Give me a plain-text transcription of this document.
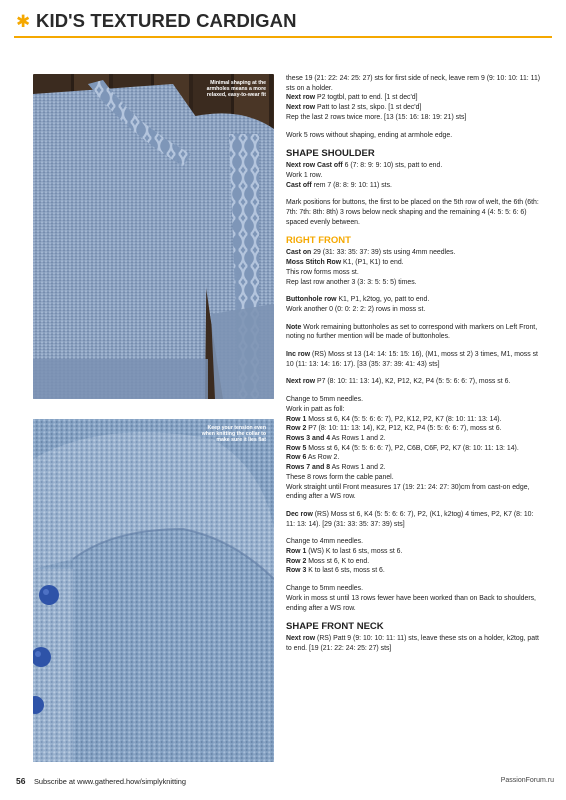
✱ KID'S TEXTURED CARDIGAN
Minimal shaping at the armholes means a more relaxed, easy-to-wear fit
Keep your tension even when knitting the collar to make sure it lies flat

these 19 (21: 22: 24: 25: 27) sts for first side of neck, leave rem 9 (9: 10: 10: 11: 11) sts on a holder.

Next row P2 togtbl, patt to end. [1 st dec'd]

Next row Patt to last 2 sts, skpo. [1 st dec'd]

Rep the last 2 rows twice more. [13 (15: 16: 18: 19: 21) sts]

Work 5 rows without shaping, ending at armhole edge.

SHAPE SHOULDER

Next row Cast off 6 (7: 8: 9: 9: 10) sts, patt to end.

Work 1 row.

Cast off rem 7 (8: 8: 9: 10: 11) sts.

Mark positions for buttons, the first to be placed on the 5th row of welt, the 6th (6th: 7th: 7th: 8th: 8th) 3 rows below neck shaping and the remaining 4 (4: 5: 5: 6: 6) spaced evenly between.

RIGHT FRONT

Cast on 29 (31: 33: 35: 37: 39) sts using 4mm needles.

Moss Stitch Row K1, (P1, K1) to end.

This row forms moss st.

Rep last row another 3 (3: 3: 5: 5: 5) times.

Buttonhole row K1, P1, k2tog, yo, patt to end.

Work another 0 (0: 0: 2: 2: 2) rows in moss st.

Note Work remaining buttonholes as set to correspond with markers on Left Front, noting no further mention will be made of buttonholes.

Inc row (RS) Moss st 13 (14: 14: 15: 15: 16), (M1, moss st 2) 3 times, M1, moss st 10 (11: 13: 14: 16: 17). [33 (35: 37: 39: 41: 43) sts]

Next row P7 (8: 10: 11: 13: 14), K2, P12, K2, P4 (5: 5: 6: 6: 7), moss st 6.

Change to 5mm needles.

Work in patt as foll:

Row 1 Moss st 6, K4 (5: 5: 6: 6: 7), P2, K12, P2, K7 (8: 10: 11: 13: 14).

Row 2 P7 (8: 10: 11: 13: 14), K2, P12, K2, P4 (5: 5: 6: 6: 7), moss st 6.

Rows 3 and 4 As Rows 1 and 2.

Row 5 Moss st 6, K4 (5: 5: 6: 6: 7), P2, C6B, C6F, P2, K7 (8: 10: 11: 13: 14).

Row 6 As Row 2.

Rows 7 and 8 As Rows 1 and 2.

These 8 rows form the cable panel.

Work straight until Front measures 17 (19: 21: 24: 27: 30)cm from cast-on edge, ending after a WS row.

Dec row (RS) Moss st 6, K4 (5: 5: 6: 6: 7), P2, (K1, k2tog) 4 times, P2, K7 (8: 10: 11: 13: 14). [29 (31: 33: 35: 37: 39) sts]

Change to 4mm needles.

Row 1 (WS) K to last 6 sts, moss st 6.

Row 2 Moss st 6, K to end.

Row 3 K to last 6 sts, moss st 6.

Change to 5mm needles.

Work in moss st until 13 rows fewer have been worked than on Back to shoulders, ending after a WS row.

SHAPE FRONT NECK

Next row (RS) Patt 9 (9: 10: 10: 11: 11) sts, leave these sts on a holder, k2tog, patt to end. [19 (21: 22: 24: 25: 27) sts]

56 Subscribe at www.gathered.how/simplyknitting	PassionForum.ru
